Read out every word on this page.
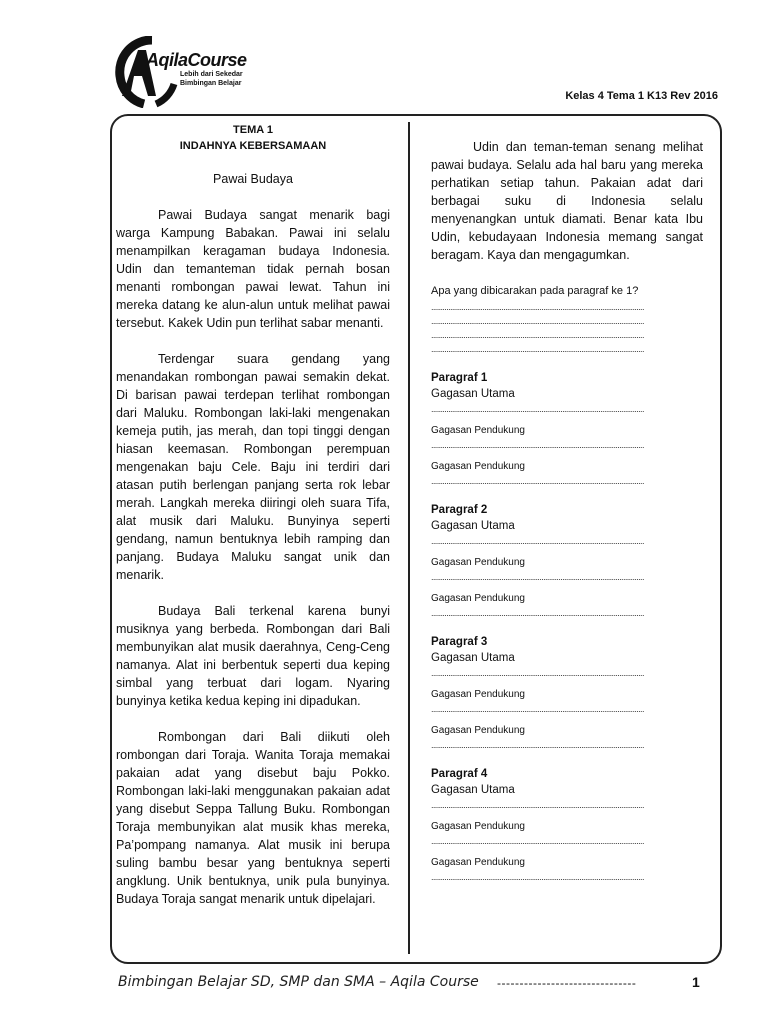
AqilaCourse
Lebih dari Sekedar
Bimbingan Belajar
Kelas 4 Tema 1 K13 Rev 2016
TEMA 1
INDAHNYA KEBERSAMAAN
Pawai Budaya

Pawai Budaya sangat menarik bagi warga Kampung Babakan. Pawai ini selalu menampilkan keragaman budaya Indonesia. Udin dan temanteman tidak pernah bosan menanti rombongan pawai lewat. Tahun ini mereka datang ke alun-alun untuk melihat pawai tersebut. Kakek Udin pun terlihat sabar menanti.

Terdengar suara gendang yang menandakan rombongan pawai semakin dekat. Di barisan pawai terdepan terlihat rombongan dari Maluku. Rombongan laki-laki mengenakan kemeja putih, jas merah, dan topi tinggi dengan hiasan keemasan. Rombongan perempuan mengenakan baju Cele. Baju ini terdiri dari atasan putih berlengan panjang serta rok lebar merah. Langkah mereka diiringi oleh suara Tifa, alat musik dari Maluku. Bunyinya seperti gendang, namun bentuknya lebih ramping dan panjang. Budaya Maluku sangat unik dan menarik.

Budaya Bali terkenal karena bunyi musiknya yang berbeda. Rombongan dari Bali membunyikan alat musik daerahnya, Ceng-Ceng namanya. Alat ini berbentuk seperti dua keping simbal yang terbuat dari logam. Nyaring bunyinya ketika kedua keping ini dipadukan.

Rombongan dari Bali diikuti oleh rombongan dari Toraja. Wanita Toraja memakai pakaian adat yang disebut baju Pokko. Rombongan laki-laki menggunakan pakaian adat yang disebut Seppa Tallung Buku. Rombongan Toraja membunyikan alat musik khas mereka, Pa’pompang namanya. Alat musik ini berupa suling bambu besar yang bentuknya seperti angklung. Unik bentuknya, unik pula bunyinya. Budaya Toraja sangat menarik untuk dipelajari.

Udin dan teman-teman senang melihat pawai budaya. Selalu ada hal baru yang mereka perhatikan setiap tahun. Pakaian adat dari berbagai suku di Indonesia selalu menyenangkan untuk diamati. Benar kata Ibu Udin, kebudayaan Indonesia memang sangat beragam. Kaya dan mengagumkan.

Apa yang dibicarakan pada paragraf ke 1?
................................................................................................................
................................................................................................................
................................................................................................................
................................................................................................................
Paragraf 1
Gagasan Utama
................................................................................................................
Gagasan Pendukung
................................................................................................................
Gagasan Pendukung
................................................................................................................
Paragraf 2
Gagasan Utama
................................................................................................................
Gagasan Pendukung
................................................................................................................
Gagasan Pendukung
................................................................................................................
Paragraf 3
Gagasan Utama
................................................................................................................
Gagasan Pendukung
................................................................................................................
Gagasan Pendukung
................................................................................................................
Paragraf 4
Gagasan Utama
................................................................................................................
Gagasan Pendukung
................................................................................................................
Gagasan Pendukung
................................................................................................................
Bimbingan Belajar SD, SMP dan SMA – Aqila Course -------------------------------	1
